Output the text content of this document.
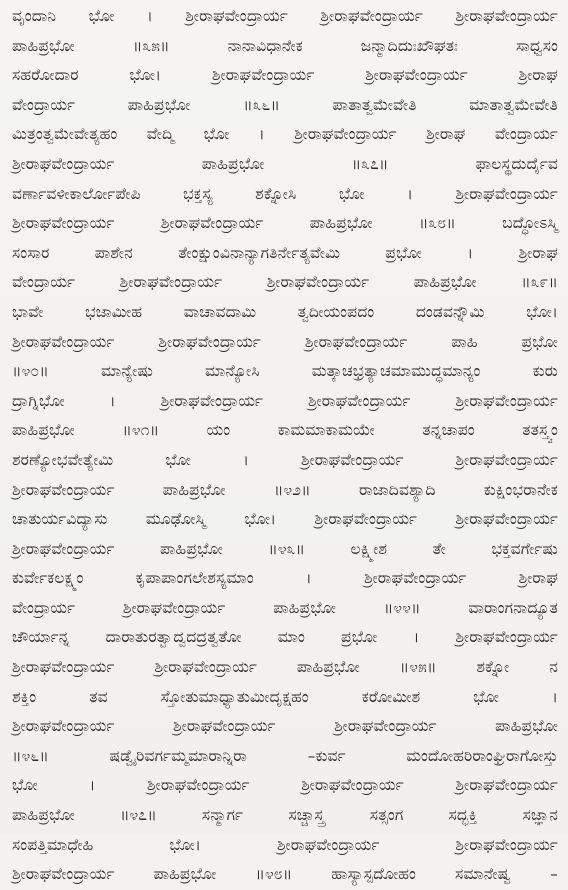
ವೃಂದಾನಿ ಭೋ । ಶ್ರೀರಾಘವೇಂದ್ರಾರ್ಯ ಶ್ರೀರಾಘವೇಂದ್ರಾರ್ಯ ಶ್ರೀರಾಘವೇಂದ್ರಾರ್ಯ
ಪಾಹಿಪ್ರಭೋ ॥೩೫॥ ನಾನಾವಿಧಾನೇಕ ಜನ್ಮಾದಿದುಃಖೌಘತಃ ಸಾಧ್ವಸಂ
ಸಹರೋದಾರ ಭೋ। ಶ್ರೀರಾಘವೇಂದ್ರಾರ್ಯ ಶ್ರೀರಾಘವೇಂದ್ರಾರ್ಯ ಶ್ರೀರಾಘ
ವೇಂದ್ರಾರ್ಯ ಪಾಹಿಪ್ರಭೋ ॥೩೬॥ ಪಾತಾತ್ವಮೇವೇತಿ ಮಾತಾತ್ವಮೇವೇತಿ
ಮಿತ್ರಂತ್ವಮೇವೇತ್ಯಹಂ ವೇದ್ಮಿ ಭೋ । ಶ್ರೀರಾಘವೇಂದ್ರಾರ್ಯ ಶ್ರೀರಾಘ ವೇಂದ್ರಾರ್ಯ
ಶ್ರೀರಾಘವೇಂದ್ರಾರ್ಯ ಪಾಹಿಪ್ರಭೋ ॥೩೭॥ ಫಾಲಸ್ಥದುರ್ದೈವ
ವರ್ಣಾವಳೀಕಾರ್ಲೋಪೇಪಿ ಭಕ್ತಸ್ಯ ಶಕ್ನೋಸಿ ಭೋ । ಶ್ರೀರಾಘವೇಂದ್ರಾರ್ಯ
ಶ್ರೀರಾಘವೇಂದ್ರಾರ್ಯ ಶ್ರೀರಾಘವೇಂದ್ರಾರ್ಯ ಪಾಹಿಪ್ರಭೋ ॥೩೮॥ ಬದ್ಧೋಽಸ್ಮಿ
ಸಂಸಾರ ಪಾಶೇನ ತೇಂಕ್ಷುಂವಿನಾನ್ಯಾಗತಿರ್ನೇತ್ಯವೇಮಿ ಪ್ರಭೋ । ಶ್ರೀರಾಘ
ವೇಂದ್ರಾರ್ಯ ಶ್ರೀರಾಘವೇಂದ್ರಾರ್ಯ ಶ್ರೀರಾಘವೇಂದ್ರಾರ್ಯ ಪಾಹಿಪ್ರಭೋ ॥೩೯॥
ಭಾವೇ ಭಜಾಮೀಹ ವಾಚಾವದಾಮಿ ತ್ವದೀಯಂಪದಂ ದಂಡವನ್ನೌಮಿ ಭೋ।
ಶ್ರೀರಾಘವೇಂದ್ರಾರ್ಯ ಶ್ರೀರಾಘವೇಂದ್ರಾರ್ಯ ಶ್ರೀರಾಘವೇಂದ್ರಾರ್ಯ ಪಾಹಿ ಪ್ರಭೋ
॥೪೦॥ ಮಾನ್ಯೇಷು ಮಾನ್ಯೋಸಿ ಮತ್ಕಾಚಭ್ರತ್ಯಾಚಮಾಮುದ್ಧಮಾನ್ಯಂ ಕುರು
ದ್ರಾಗ್ನಿಭೋ । ಶ್ರೀರಾಘವೇಂದ್ರಾರ್ಯ ಶ್ರೀರಾಘವೇಂದ್ರಾರ್ಯ ಶ್ರೀರಾಘವೇಂದ್ರಾರ್ಯ
ಪಾಹಿಪ್ರಭೋ ॥೪೧॥ ಯಂ ಕಾಮಮಾಕಾಮಯೇ ತನ್ನಚಾಪಂ ತತಸ್ತ್ವಂ
ಶರಣ್ಯೋಭವೇತ್ಯೇಮಿ ಭೋ । ಶ್ರೀರಾಘವೇಂದ್ರಾರ್ಯ ಶ್ರೀರಾಘವೇಂದ್ರಾರ್ಯ
ಶ್ರೀರಾಘವೇಂದ್ರಾರ್ಯ ಪಾಹಿಪ್ರಭೋ ॥೪೨॥ ರಾಜಾದಿವಶ್ಯಾದಿ ಕುಕ್ಷಿಂಭರಾನೇಕ
ಚಾತುರ್ಯವಿದ್ಯಾಸು ಮೂಢೋಸ್ಮಿ ಭೋ। ಶ್ರೀರಾಘವೇಂದ್ರಾರ್ಯ ಶ್ರೀರಾಘವೇಂದ್ರಾರ್ಯ
ಶ್ರೀರಾಘವೇಂದ್ರಾರ್ಯ ಪಾಹಿಪ್ರಭೋ ॥೪೩॥ ಲಕ್ಷ್ಮೀಶ ತೇ ಭಕ್ತವರ್ಗೇಷು
ಕುರ್ವೇಕಲಕ್ಷ್ಮಂ ಕೃಪಾಪಾಂಗಲೇಶಸ್ಯಮಾಂ । ಶ್ರೀರಾಘವೇಂದ್ರಾರ್ಯ ಶ್ರೀರಾಘ
ವೇಂದ್ರಾರ್ಯ ಶ್ರೀರಾಘವೇಂದ್ರಾರ್ಯ ಪಾಹಿಪ್ರಭೋ ॥೪೪॥ ವಾರಾಂಗನಾದ್ಯೂತ
ಚೌರ್ಯಾನ್ನ ದಾರಾತುರತ್ವಾದ್ವದದ್ರತ್ವತೋ ಮಾಂ ಪ್ರಭೋ । ಶ್ರೀರಾಘವೇಂದ್ರಾರ್ಯ
ಶ್ರೀರಾಘವೇಂದ್ರಾರ್ಯ ಶ್ರೀರಾಘವೇಂದ್ರಾರ್ಯ ಪಾಹಿಪ್ರಭೋ ॥೪೫॥ ಶಕ್ನೋ ನ
ಶಕ್ತಿಂ ತವ ಸ್ತೋತುಮಾಧ್ಯಾತುಮೀದೃಕ್ಷಹಂ ಕರೋಮೀಶ ಭೋ ।
ಶ್ರೀರಾಘವೇಂದ್ರಾರ್ಯ ಶ್ರೀರಾಘವೇಂದ್ರಾರ್ಯ ಶ್ರೀರಾಘವೇಂದ್ರಾರ್ಯ ಪಾಹಿಪ್ರಭೋ
॥೪೬॥ ಷಡ್ವೈರಿವರ್ಗಮ್ಮಮಾರಾನ್ನಿರಾ –ಕುರ್ವ ಮಂದೋಹರಿರಾಂಘ್ರಿರಾಗೋಸ್ತು
ಭೋ । ಶ್ರೀರಾಘವೇಂದ್ರಾರ್ಯ ಶ್ರೀರಾಘವೇಂದ್ರಾರ್ಯ ಶ್ರೀರಾಘವೇಂದ್ರಾರ್ಯ
ಪಾಹಿಪ್ರಭೋ ॥೪೭॥ ಸನ್ಮಾರ್ಗ ಸಚ್ಚಾಸ್ತ್ರ ಸತ್ಸಂಗ ಸದ್ಭಕ್ತಿ ಸಜ್ಞಾನ
ಸಂಪತ್ತಿಮಾಧೇಹಿ ಭೋ। ಶ್ರೀರಾಘವೇಂದ್ರಾರ್ಯ ಶ್ರೀರಾಘವೇಂದ್ರಾರ್ಯ
ಶ್ರೀರಾಘವೇಂದ್ರಾರ್ಯ ಪಾಹಿಪ್ರಭೋ ॥೪೮॥ ಹಾಸ್ಯಾಸ್ಪದೋಹಂ ಸಮಾನೇಷ್ವ –
